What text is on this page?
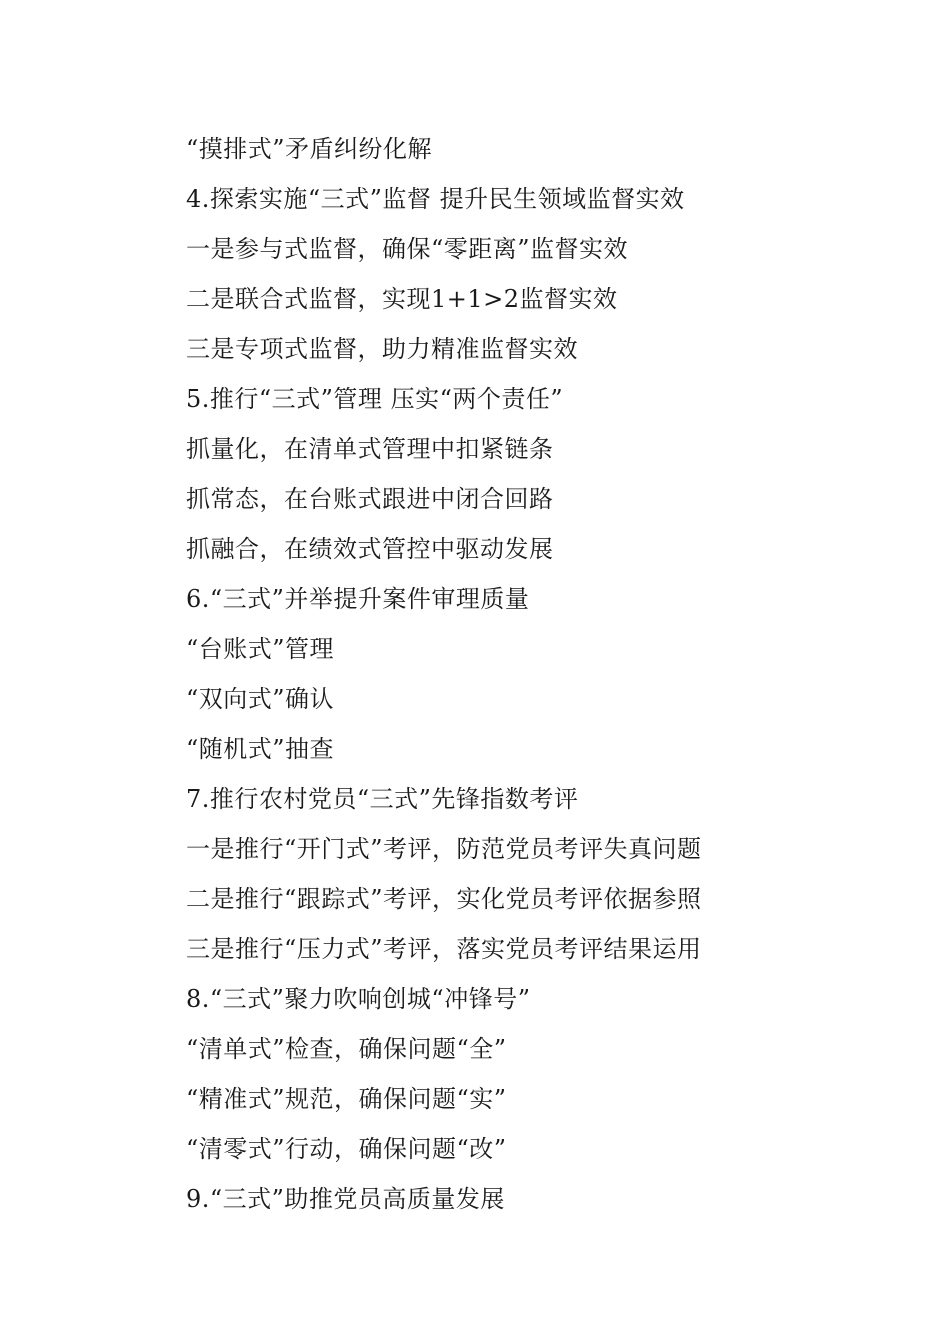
“摸排式”矛盾纠纷化解
4.探索实施“三式”监督 提升民生领域监督实效
一是参与式监督，确保“零距离”监督实效
二是联合式监督，实现1+1>2监督实效
三是专项式监督，助力精准监督实效
5.推行“三式”管理 压实“两个责任”
抓量化，在清单式管理中扣紧链条
抓常态，在台账式跟进中闭合回路
抓融合，在绩效式管控中驱动发展
6.“三式”并举提升案件审理质量
“台账式”管理
“双向式”确认
“随机式”抽查
7.推行农村党员“三式”先锋指数考评
一是推行“开门式”考评，防范党员考评失真问题
二是推行“跟踪式”考评，实化党员考评依据参照
三是推行“压力式”考评，落实党员考评结果运用
8.“三式”聚力吹响创城“冲锋号”
“清单式”检查，确保问题“全”
“精准式”规范，确保问题“实”
“清零式”行动，确保问题“改”
9.“三式”助推党员高质量发展
